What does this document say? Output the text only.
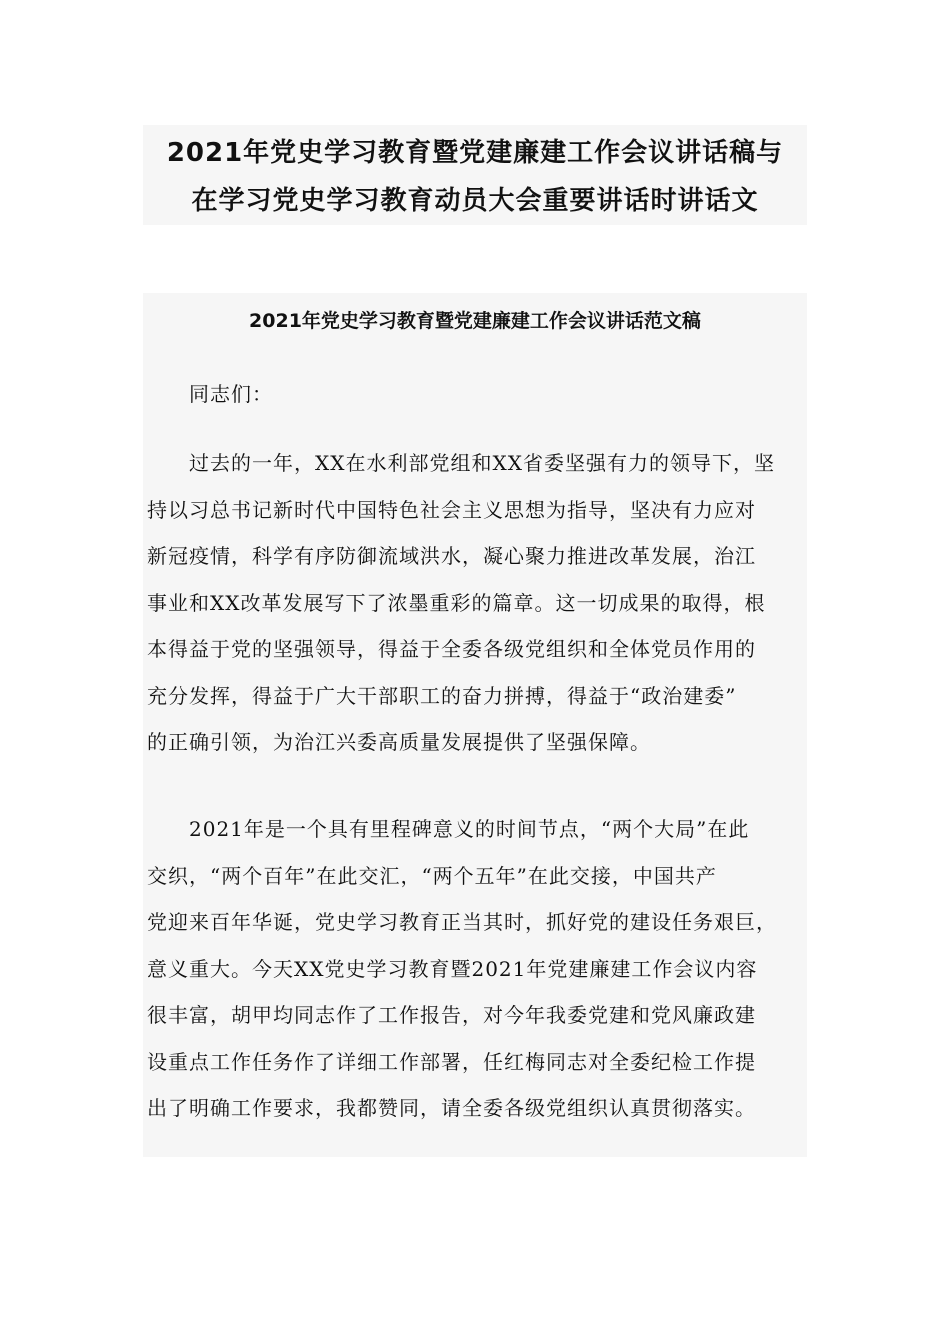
2021年党史学习教育暨党建廉建工作会议讲话稿与
在学习党史学习教育动员大会重要讲话时讲话文
2021年党史学习教育暨党建廉建工作会议讲话范文稿
同志们：
过去的一年，XX在水利部党组和XX省委坚强有力的领导下，坚
持以习总书记新时代中国特色社会主义思想为指导，坚决有力应对
新冠疫情，科学有序防御流域洪水，凝心聚力推进改革发展，治江
事业和XX改革发展写下了浓墨重彩的篇章。这一切成果的取得，根
本得益于党的坚强领导，得益于全委各级党组织和全体党员作用的
充分发挥，得益于广大干部职工的奋力拼搏，得益于“政治建委”
的正确引领，为治江兴委高质量发展提供了坚强保障。
2021年是一个具有里程碑意义的时间节点，“两个大局”在此
交织，“两个百年”在此交汇，“两个五年”在此交接，中国共产
党迎来百年华诞，党史学习教育正当其时，抓好党的建设任务艰巨，
意义重大。今天XX党史学习教育暨2021年党建廉建工作会议内容
很丰富，胡甲均同志作了工作报告，对今年我委党建和党风廉政建
设重点工作任务作了详细工作部署，任红梅同志对全委纪检工作提
出了明确工作要求，我都赞同，请全委各级党组织认真贯彻落实。
